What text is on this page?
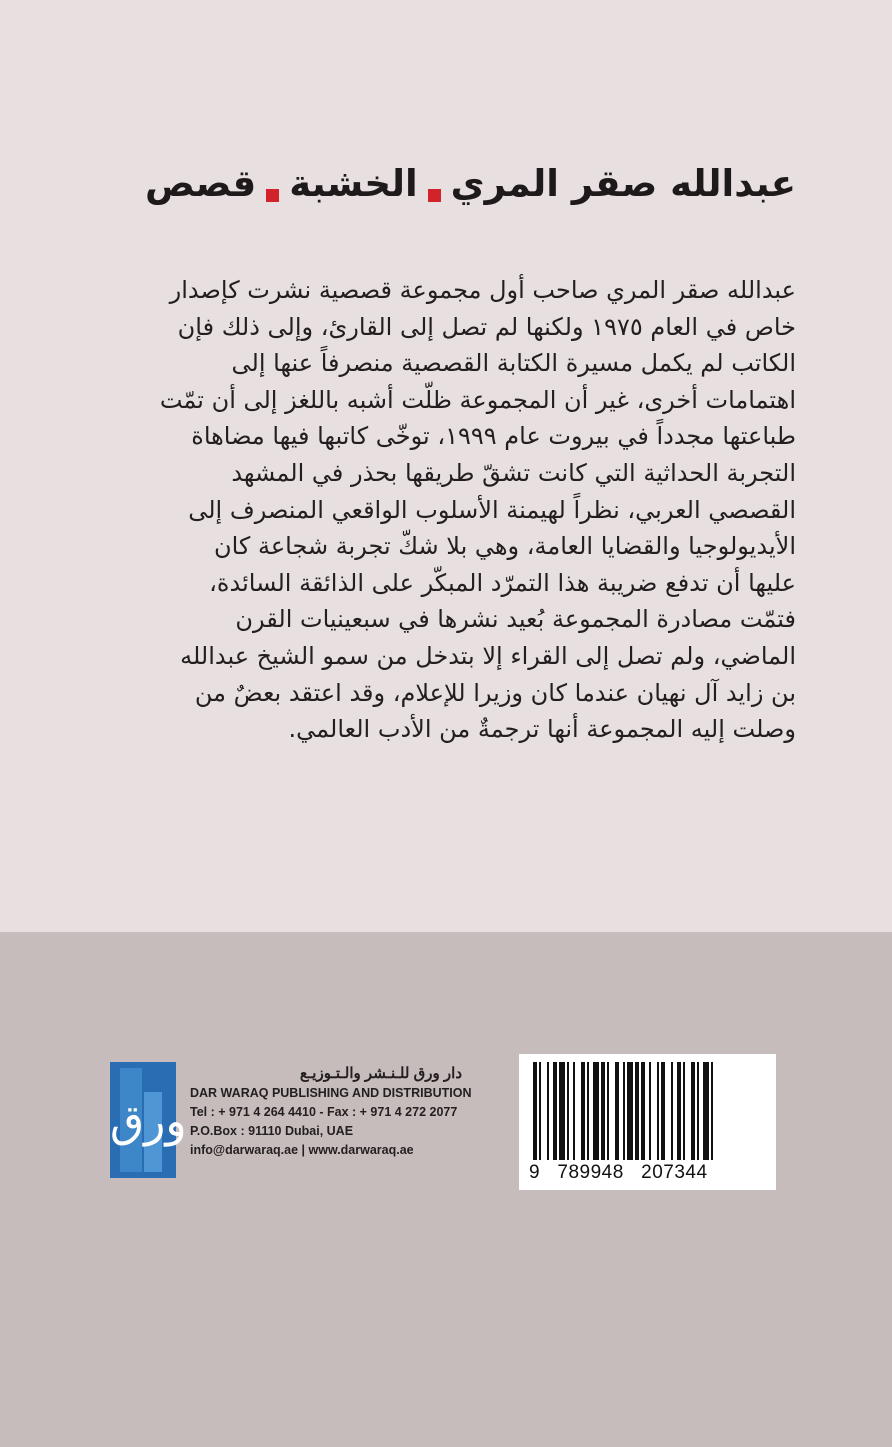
عبدالله صقر المريالخشبةقصص
عبدالله صقر المري صاحب أول مجموعة قصصية نشرت كإصدار
خاص في العام ١٩٧٥ ولكنها لم تصل إلى القارئ، وإلى ذلك فإن
الكاتب لم يكمل مسيرة الكتابة القصصية منصرفاً عنها إلى
اهتمامات أخرى، غير أن المجموعة ظلّت أشبه باللغز إلى أن تمّت
طباعتها مجدداً في بيروت عام ١٩٩٩، توخّى كاتبها فيها مضاهاة
التجربة الحداثية التي كانت تشقّ طريقها بحذر في المشهد
القصصي العربي، نظراً لهيمنة الأسلوب الواقعي المنصرف إلى
الأيديولوجيا والقضايا العامة، وهي بلا شكّ تجربة شجاعة كان
عليها أن تدفع ضريبة هذا التمرّد المبكّر على الذائقة السائدة،
فتمّت مصادرة المجموعة بُعيد نشرها في سبعينيات القرن
الماضي، ولم تصل إلى القراء إلا بتدخل من سمو الشيخ عبدالله
بن زايد آل نهيان عندما كان وزيرا للإعلام، وقد اعتقد بعضٌ من
وصلت إليه المجموعة أنها ترجمةٌ من الأدب العالمي.
ورق
دار ورق للـنـشر والـتـوزيـع
DAR WARAQ PUBLISHING AND DISTRIBUTION
Tel : + 971 4 264 4410 - Fax : + 971 4 272 2077
P.O.Box : 91110 Dubai, UAE
info@darwaraq.ae | www.darwaraq.ae
9   789948   207344
